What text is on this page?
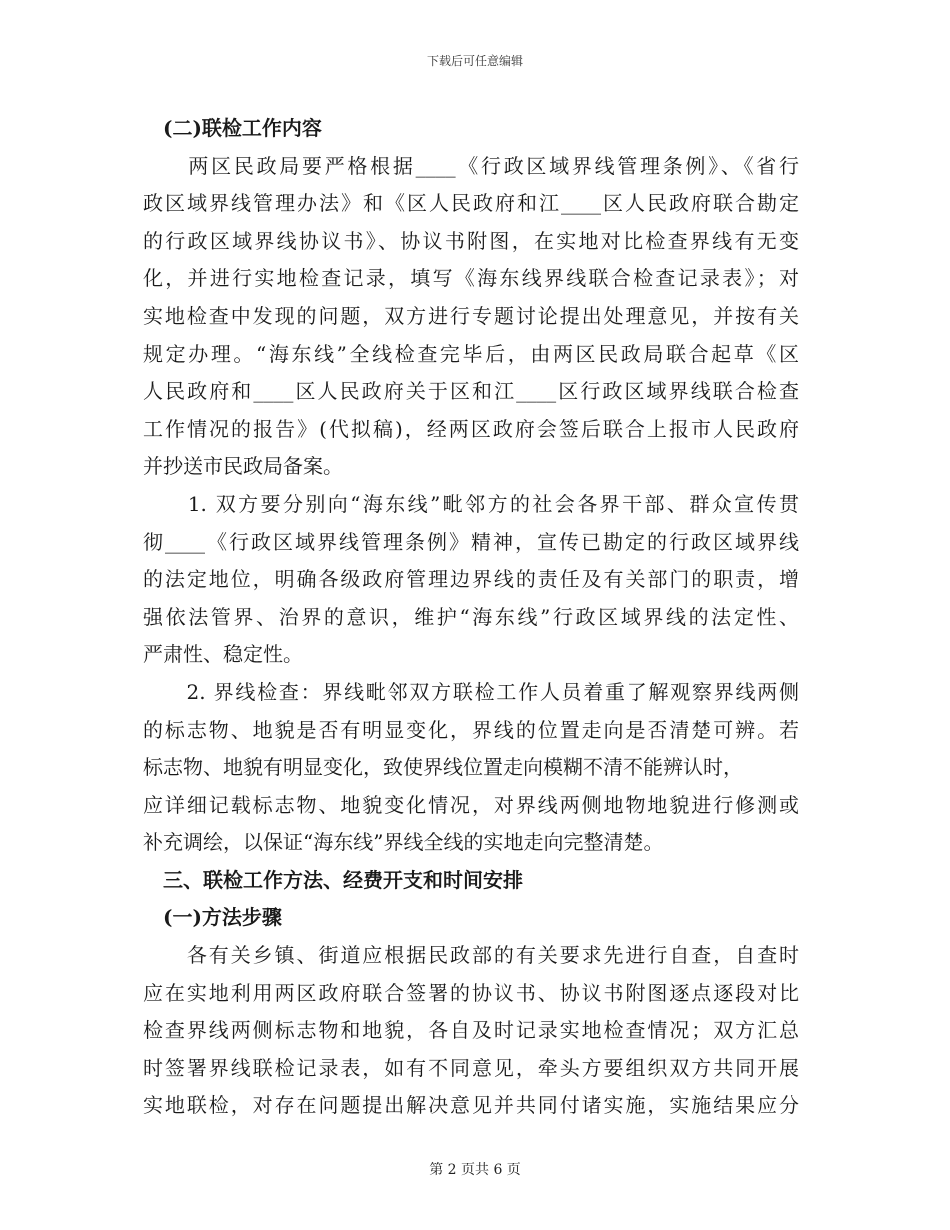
下载后可任意编辑
　(二)联检工作内容
　　两区民政局要严格根据____《行政区域界线管理条例》、《省行
政区域界线管理办法》和《区人民政府和江____区人民政府联合勘定
的行政区域界线协议书》、协议书附图，在实地对比检查界线有无变
化，并进行实地检查记录，填写《海东线界线联合检查记录表》；对
实地检查中发现的问题，双方进行专题讨论提出处理意见，并按有关
规定办理。“海东线”全线检查完毕后，由两区民政局联合起草《区
人民政府和____区人民政府关于区和江____区行政区域界线联合检查
工作情况的报告》(代拟稿)，经两区政府会签后联合上报市人民政府
并抄送市民政局备案。
　　1. 双方要分别向“海东线”毗邻方的社会各界干部、群众宣传贯
彻____《行政区域界线管理条例》精神，宣传已勘定的行政区域界线
的法定地位，明确各级政府管理边界线的责任及有关部门的职责，增
强依法管界、治界的意识，维护“海东线”行政区域界线的法定性、
严肃性、稳定性。
　　2. 界线检查：界线毗邻双方联检工作人员着重了解观察界线两侧
的标志物、地貌是否有明显变化，界线的位置走向是否清楚可辨。若
标志物、地貌有明显变化，致使界线位置走向模糊不清不能辨认时，
应详细记载标志物、地貌变化情况，对界线两侧地物地貌进行修测或
补充调绘，以保证“海东线”界线全线的实地走向完整清楚。
　三、联检工作方法、经费开支和时间安排
　(一)方法步骤
　　各有关乡镇、街道应根据民政部的有关要求先进行自查，自查时
应在实地利用两区政府联合签署的协议书、协议书附图逐点逐段对比
检查界线两侧标志物和地貌，各自及时记录实地检查情况；双方汇总
时签署界线联检记录表，如有不同意见，牵头方要组织双方共同开展
实地联检，对存在问题提出解决意见并共同付诸实施，实施结果应分
第 2 页共 6 页
